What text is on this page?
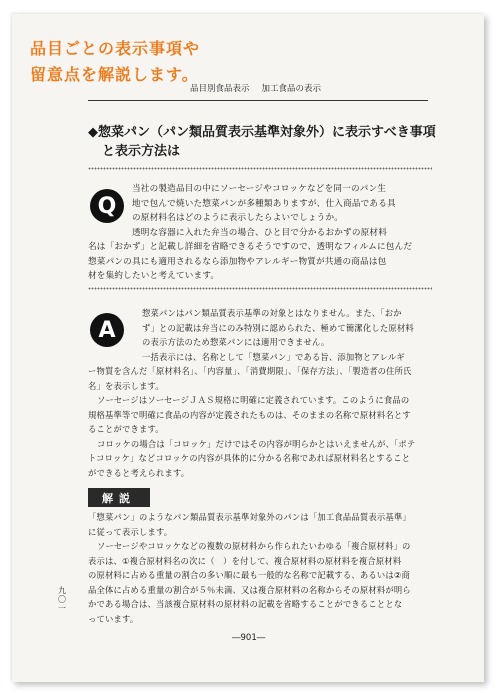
品目ごとの表示事項や
留意点を解説します。
品目別食品表示 加工食品の表示
◆惣菜パン（パン類品質表示基準対象外）に表示すべき事項
と表示方法は
Q
当社の製造品目の中にソーセージやコロッケなどを同一のパン生
地で包んで焼いた惣菜パンが多種類ありますが、仕入商品である具
の原材料名はどのように表示したらよいでしょうか。
透明な容器に入れた弁当の場合、ひと目で分かるおかずの原材料
名は「おかず」と記載し詳細を省略できるそうですので、透明なフィルムに包んだ
惣菜パンの具にも適用されるなら添加物やアレルギー物質が共通の商品は包
材を集約したいと考えています。
A
惣菜パンはパン類品質表示基準の対象とはなりません。また、「おか
ず」との記載は弁当にのみ特別に認められた、極めて簡潔化した原材料
の表示方法のため惣菜パンには適用できません。
一括表示には、名称として「惣菜パン」である旨、添加物とアレルギ
ー物質を含んだ「原材料名」、「内容量」、「消費期限」、「保存方法」、「製造者の住所氏
名」を表示します。
ソーセージはソーセージＪＡＳ規格に明確に定義されています。このように食品の
規格基準等で明確に食品の内容が定義されたものは、そのままの名称で原材料名とす
ることができます。
コロッケの場合は「コロッケ」だけではその内容が明らかとはいえませんが、「ポテ
トコロッケ」などコロッケの内容が具体的に分かる名称であれば原材料名とすること
ができると考えられます。
解説
「惣菜パン」のようなパン類品質表示基準対象外のパンは「加工食品品質表示基準」
に従って表示します。
ソーセージやコロッケなどの複数の原材料から作られたいわゆる「複合原材料」の
表示は、①複合原材料名の次に（　）を付して、複合原材料の原材料を複合原材料
の原材料に占める重量の割合の多い順に最も一般的な名称で記載する、あるいは②商
品全体に占める重量の割合が５％未満、又は複合原材料の名称からその原材料が明ら
かである場合は、当該複合原材料の原材料の記載を省略することができることとな
っています。
九〇一
―901―
